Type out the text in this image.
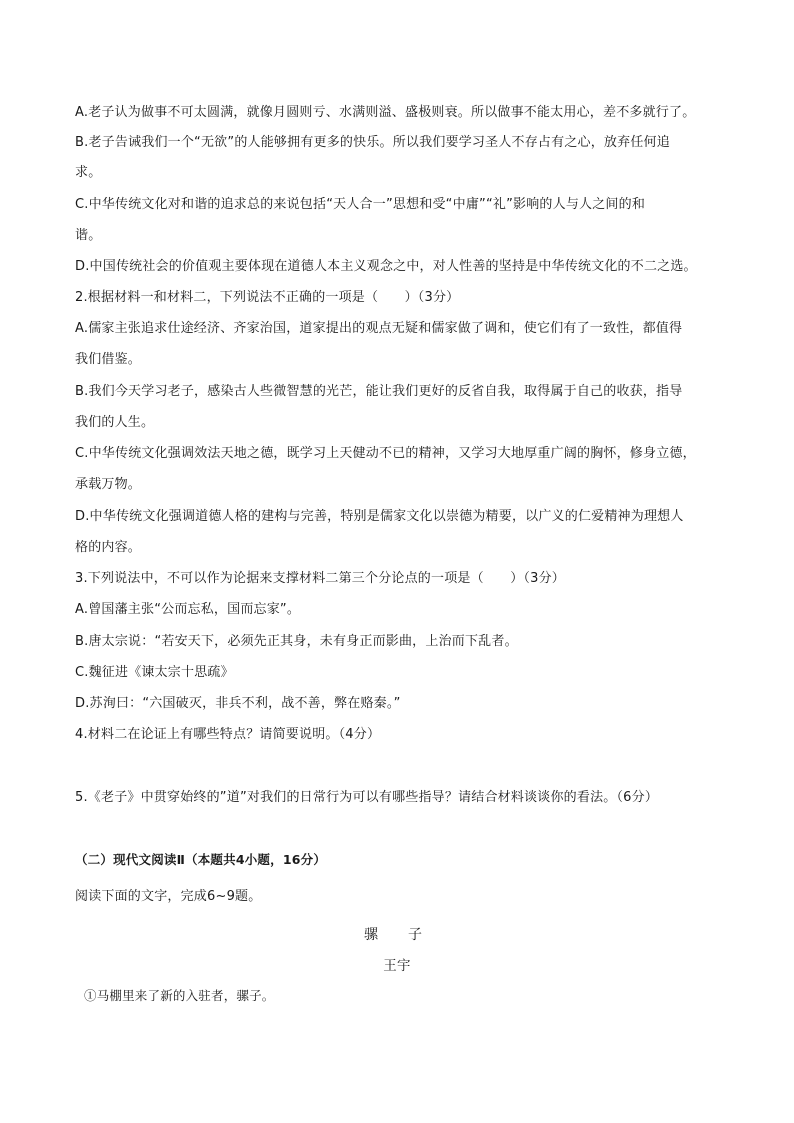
A.老子认为做事不可太圆满，就像月圆则亏、水满则溢、盛极则衰。所以做事不能太用心，差不多就行了。
B.老子告诫我们一个“无欲”的人能够拥有更多的快乐。所以我们要学习圣人不存占有之心，放弃任何追
求。
C.中华传统文化对和谐的追求总的来说包括“天人合一”思想和受“中庸”“礼”影响的人与人之间的和
谐。
D.中国传统社会的价值观主要体现在道德人本主义观念之中，对人性善的坚持是中华传统文化的不二之选。
2.根据材料一和材料二，下列说法不正确的一项是（　　）（3分）
A.儒家主张追求仕途经济、齐家治国，道家提出的观点无疑和儒家做了调和，使它们有了一致性，都值得
我们借鉴。
B.我们今天学习老子，感染古人些微智慧的光芒，能让我们更好的反省自我，取得属于自己的收获，指导
我们的人生。
C.中华传统文化强调效法天地之德，既学习上天健动不已的精神，又学习大地厚重广阔的胸怀，修身立德，
承载万物。
D.中华传统文化强调道德人格的建构与完善，特别是儒家文化以崇德为精要，以广义的仁爱精神为理想人
格的内容。
3.下列说法中，不可以作为论据来支撑材料二第三个分论点的一项是（　　）（3分）
A.曾国藩主张“公而忘私，国而忘家”。
B.唐太宗说：“若安天下，必须先正其身，未有身正而影曲，上治而下乱者。
C.魏征进《谏太宗十思疏》
D.苏洵曰：“六国破灭，非兵不利，战不善，弊在赂秦。”
4.材料二在论证上有哪些特点？请简要说明。（4分）
5.《老子》中贯穿始终的”道”对我们的日常行为可以有哪些指导？请结合材料谈谈你的看法。（6分）
（二）现代文阅读Ⅱ（本题共4小题，16分）
阅读下面的文字，完成6~9题。
骡　子
王宇
①马棚里来了新的入驻者，骡子。
